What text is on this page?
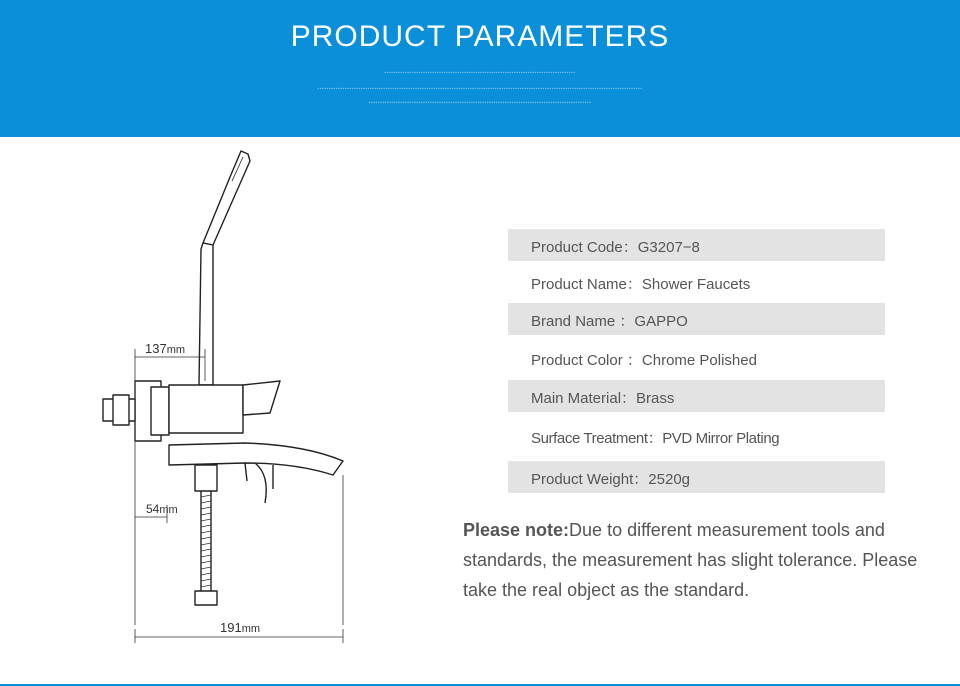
PRODUCT PARAMETERS
▪▪▪▪▪▪▪▪▪▪▪▪▪▪▪▪▪▪▪▪▪▪▪▪▪▪▪▪▪▪▪▪▪▪▪▪▪▪▪▪▪▪▪▪▪▪▪▪▪▪▪▪▪▪▪▪▪▪▪▪▪▪▪▪▪▪▪▪▪▪▪▪▪▪▪▪▪▪▪▪▪▪▪▪
▪▪▪▪▪▪▪▪▪▪▪▪▪▪▪▪▪▪▪▪▪▪▪▪▪▪▪▪▪▪▪▪▪▪▪▪▪▪▪▪▪▪▪▪▪▪▪▪▪▪▪▪▪▪▪▪▪▪▪▪▪▪▪▪▪▪▪▪▪▪▪▪▪▪▪▪▪▪▪▪▪▪▪▪▪▪▪▪▪▪▪▪▪▪▪▪▪▪▪▪▪▪▪▪▪▪▪▪▪▪▪▪▪▪▪▪▪▪▪▪▪▪▪▪▪▪▪▪▪▪▪▪▪▪▪▪▪▪▪▪▪▪▪
▪▪▪▪▪▪▪▪▪▪▪▪▪▪▪▪▪▪▪▪▪▪▪▪▪▪▪▪▪▪▪▪▪▪▪▪▪▪▪▪▪▪▪▪▪▪▪▪▪▪▪▪▪▪▪▪▪▪▪▪▪▪▪▪▪▪▪▪▪▪▪▪▪▪▪▪▪▪▪▪▪▪▪▪▪▪▪▪▪▪▪▪▪▪▪▪▪▪
137mm
54mm
191mm
Product Code：G3207−8
Product Name：Shower Faucets
Brand Name ：GAPPO
Product Color ：Chrome Polished
Main Material：Brass
Surface Treatment：PVD Mirror Plating
Product Weight：2520g
Please note:Due to different measurement tools and standards, the measurement has slight tolerance. Please take the real object as the standard.
